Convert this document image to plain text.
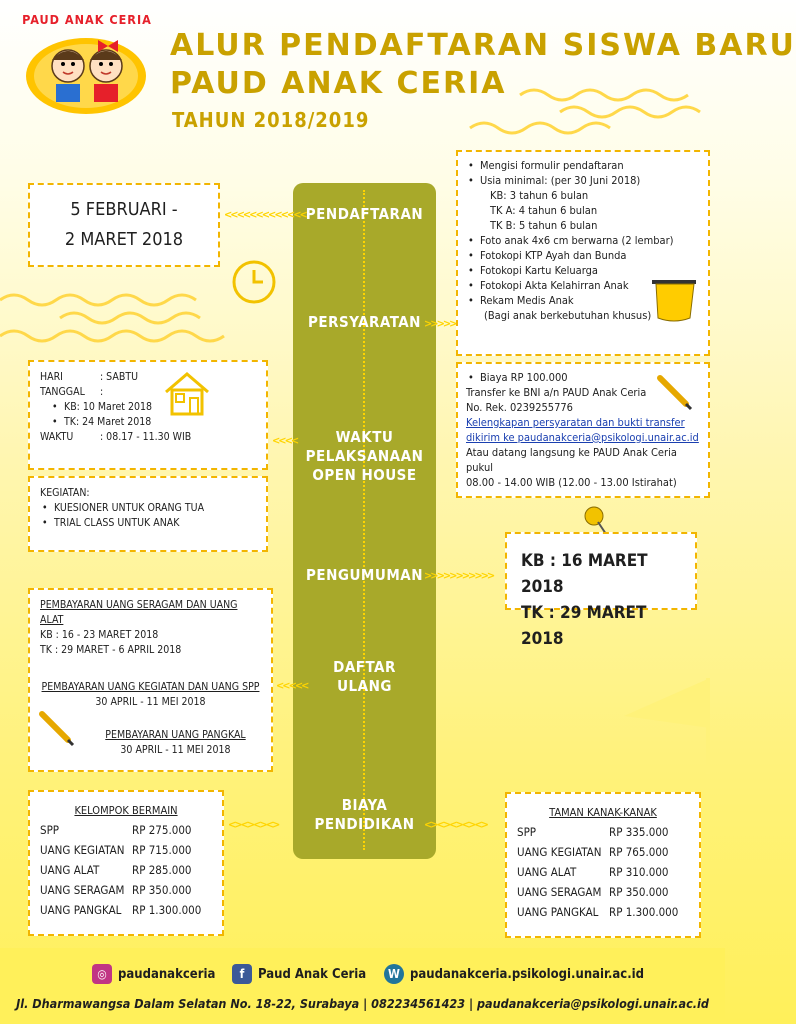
PAUD ANAK CERIA
ALUR PENDAFTARAN SISWA BARU
PAUD ANAK CERIA
TAHUN 2018/2019
PENDAFTARAN
PERSYARATAN
WAKTU
PELAKSANAAN
OPEN HOUSE
PENGUMUMAN
DAFTAR
ULANG
BIAYA
PENDIDIKAN
<<<<<<<<<<<<<
>>>>>
<<<<
>>>>>>>>>>>
<<<<<
<><><><>	<><><><><>
5 FEBRUARI -
2 MARET 2018
• Mengisi formulir pendaftaran
• Usia minimal: (per 30 Juni 2018)
KB: 3 tahun 6 bulan
TK A: 4 tahun 6 bulan
TK B: 5 tahun 6 bulan
• Foto anak 4x6 cm berwarna (2 lembar)
• Fotokopi KTP Ayah dan Bunda
• Fotokopi Kartu Keluarga
• Fotokopi Akta Kelahirran Anak
• Rekam Medis Anak
(Bagi anak berkebutuhan khusus)
• Biaya RP 100.000
Transfer ke BNI a/n PAUD Anak Ceria
No. Rek. 0239255776
Kelengkapan persyaratan dan bukti transfer
dikirim ke paudanakceria@psikologi.unair.ac.id
Atau datang langsung ke PAUD Anak Ceria pukul
08.00 - 14.00 WIB (12.00 - 13.00 Istirahat)
HARI	: SABTU
TANGGAL	:
• KB: 10 Maret 2018
• TK: 24 Maret 2018
WAKTU	: 08.17 - 11.30 WIB
KEGIATAN:
• KUESIONER UNTUK ORANG TUA
• TRIAL CLASS UNTUK ANAK
KB : 16 MARET 2018
TK : 29 MARET 2018
PEMBAYARAN UANG SERAGAM DAN UANG ALAT
KB : 16 - 23 MARET 2018
TK : 29 MARET - 6 APRIL 2018
PEMBAYARAN UANG KEGIATAN DAN UANG SPP
30 APRIL - 11 MEI 2018
PEMBAYARAN UANG PANGKAL
30 APRIL - 11 MEI 2018
KELOMPOK BERMAIN
SPP	RP 275.000
UANG KEGIATAN RP 715.000
UANG ALAT	RP 285.000
UANG SERAGAM RP 350.000
UANG PANGKAL RP 1.300.000
TAMAN KANAK-KANAK
SPP	RP 335.000
UANG KEGIATAN RP 765.000
UANG ALAT	RP 310.000
UANG SERAGAM RP 350.000
UANG PANGKAL RP 1.300.000
◎ paudanakceria	f	Paud Anak Ceria	W paudanakceria.psikologi.unair.ac.id
Jl. Dharmawangsa Dalam Selatan No. 18-22, Surabaya | 082234561423 | paudanakceria@psikologi.unair.ac.id
